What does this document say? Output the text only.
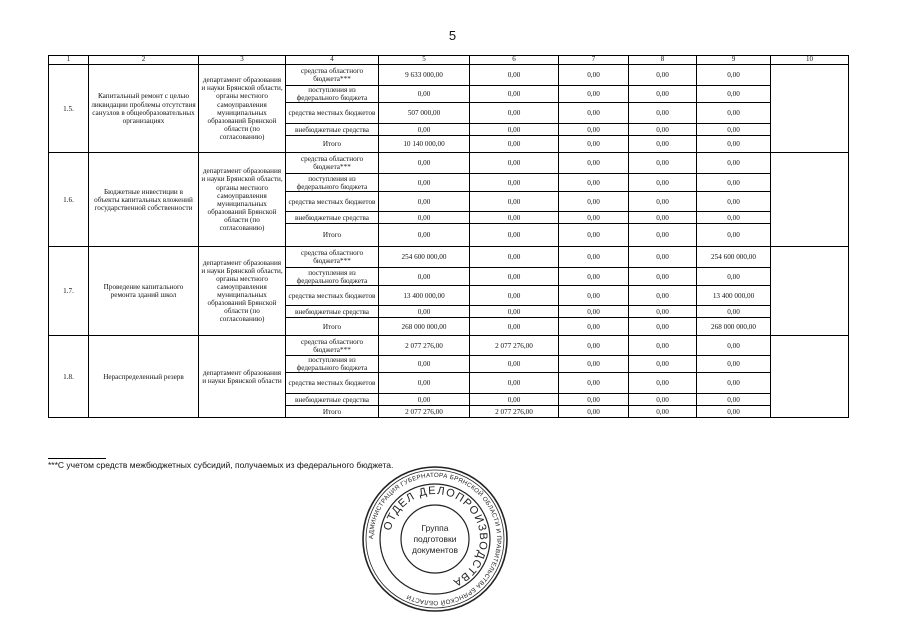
5
1	2	3	4	5	6	7	8	9	10
1.5.	Капитальный ремонт с целью ликвидации проблемы отсутствия санузлов в общеобразовательных организациях	департамент образования и науки Брянской области, органы местного самоуправления муниципальных образований Брянской области (по согласованию)	средства областного бюджета***	9 633 000,00	0,00	0,00	0,00	0,00	
			поступления из федерального бюджета	0,00	0,00	0,00	0,00	0,00	
			средства местных бюджетов	507 000,00	0,00	0,00	0,00	0,00	
			внебюджетные средства	0,00	0,00	0,00	0,00	0,00	
			Итого	10 140 000,00	0,00	0,00	0,00	0,00	
1.6.	Бюджетные инвестиции в объекты капитальных вложений государственной собственности	департамент образования и науки Брянской области, органы местного самоуправления муниципальных образований Брянской области (по согласованию)	средства областного бюджета***	0,00	0,00	0,00	0,00	0,00	
			поступления из федерального бюджета	0,00	0,00	0,00	0,00	0,00	
			средства местных бюджетов	0,00	0,00	0,00	0,00	0,00	
			внебюджетные средства	0,00	0,00	0,00	0,00	0,00	
			Итого	0,00	0,00	0,00	0,00	0,00	
1.7.	Проведение капитального ремонта зданий школ	департамент образования и науки Брянской области, органы местного самоуправления муниципальных образований Брянской области (по согласованию)	средства областного бюджета***	254 600 000,00	0,00	0,00	0,00	254 600 000,00	
			поступления из федерального бюджета	0,00	0,00	0,00	0,00	0,00	
			средства местных бюджетов	13 400 000,00	0,00	0,00	0,00	13 400 000,00	
			внебюджетные средства	0,00	0,00	0,00	0,00	0,00	
			Итого	268 000 000,00	0,00	0,00	0,00	268 000 000,00	
1.8.	Нераспределенный резерв	департамент образования и науки Брянской области	средства областного бюджета***	2 077 276,00	2 077 276,00	0,00	0,00	0,00	
			поступления из федерального бюджета	0,00	0,00	0,00	0,00	0,00	
			средства местных бюджетов	0,00	0,00	0,00	0,00	0,00	
			внебюджетные средства	0,00	0,00	0,00	0,00	0,00	
			Итого	2 077 276,00	2 077 276,00	0,00	0,00	0,00	
***С учетом средств межбюджетных субсидий, получаемых из федерального бюджета.
АДМИНИСТРАЦИЯ ГУБЕРНАТОРА БРЯНСКОЙ ОБЛАСТИ И ПРАВИТЕЛЬСТВА БРЯНСКОЙ ОБЛАСТИ
ОТДЕЛ ДЕЛОПРОИЗВОДСТВА
Группа
подготовки
документов
